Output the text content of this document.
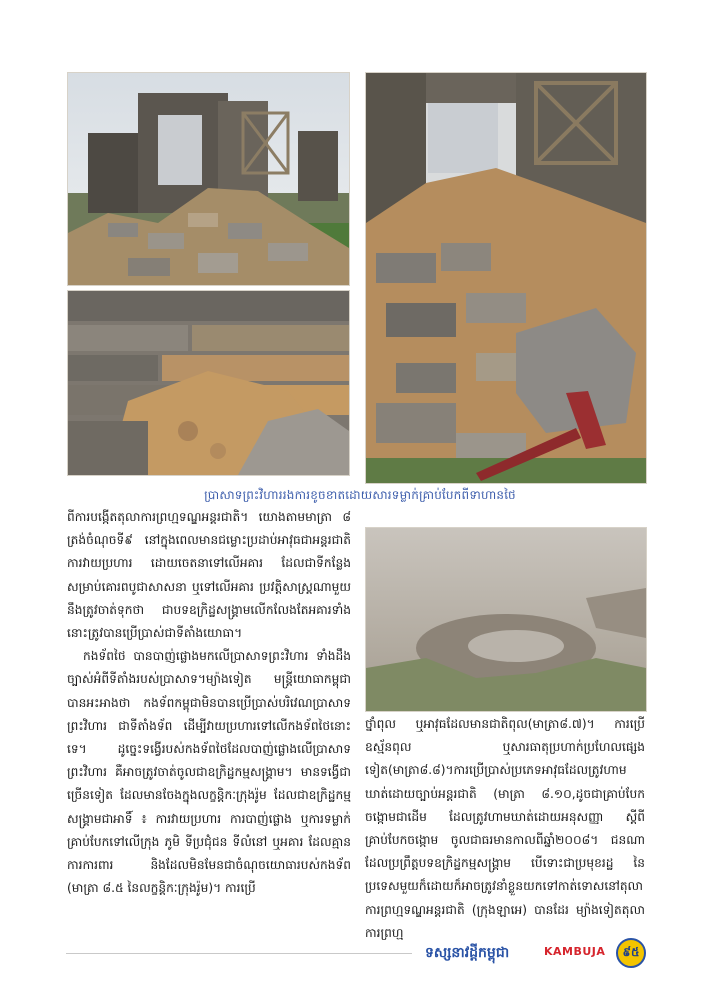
ប្រាសាទព្រះវិហាររងការខូចខាតដោយសារទម្លាក់គ្រាប់បែកពីទាហានថៃ

ពីការបង្កើតតុលាការព្រហ្មទណ្ឌអន្តរជាតិ។ យោងតាមមាត្រា ៨ ត្រង់ចំណុចទី៩ នៅក្នុងពេលមានជម្លោះប្រដាប់អាវុធជាអន្តរជាតិ ការវាយប្រហារ ដោយចេតនាទៅលើអគារ ដែលជាទីកន្លែងសម្រាប់គោរពបូជាសាសនា ឬទៅលើអគារ ប្រវត្តិសាស្ត្រណាមួយនឹងត្រូវចាត់ទុកថា ជាបទឧក្រិដ្ឋសង្គ្រាមលើកលែងតែអគារទាំងនោះត្រូវបានប្រើប្រាស់ជាទីតាំងយោធា។

កងទ័ពថៃ បានបាញ់ផ្លោងមកលើប្រាសាទព្រះវិហារ ទាំងដឹងច្បាស់អំពីទីតាំងរបស់ប្រាសាទ។ម្យ៉ាងទៀត មន្ត្រីយោធាកម្ពុជាបានអះអាងថា កងទ័ពកម្ពុជាមិនបានប្រើប្រាស់បរិវេណប្រាសាទព្រះវិហារ ជាទីតាំងទ័ព ដើម្បីវាយប្រហារទៅលើកងទ័ពថៃនោះទេ។ ដូច្នេះទង្វើរបស់កងទ័ពថៃដែលបាញ់ផ្លោងលើប្រាសាទព្រះវិហារ គឺអាចត្រូវចាត់ចូលជាឧក្រិដ្ឋកម្មសង្គ្រាម។ មានទង្វើជាច្រើនទៀត ដែលមានចែងក្នុងលក្ខន្តិកៈក្រុងរ៉ូម ដែលជាឧក្រិដ្ឋកម្មសង្គ្រាមជាអាទិ៍ ៖ ការវាយប្រហារ ការបាញ់ផ្លោង ឬការទម្លាក់គ្រាប់បែកទៅលើក្រុង ភូមិ ទីប្រជុំជន ទីលំនៅ ឬអគារ ដែលគ្មានការការពារ និងដែលមិនមែនជាចំណុចយោធារបស់កងទ័ព (មាត្រា ៨.៥ នៃលក្ខន្តិកៈក្រុងរ៉ូម)។ ការប្រើ

ថ្នាំពុល ឬអាវុធដែលមានជាតិពុល(មាត្រា៨.៧)។ ការប្រើឧស្ម័នពុល ឬសារធាតុប្រហាក់ប្រហែលផ្សេងទៀត(មាត្រា៨.៨)។ការប្រើប្រាស់ប្រភេទអាវុធដែលត្រូវហាមឃាត់ដោយច្បាប់អន្តរជាតិ (មាត្រា ៨.១០,ដូចជាគ្រាប់បែកចង្កោមជាដើម ដែលត្រូវហាមឃាត់ដោយអនុសញ្ញា ស្តីពីគ្រាប់បែកចង្កោម ចូលជាធរមានកាលពីឆ្នាំ២០០៨។ ជនណាដែលប្រព្រឹត្តបទឧក្រិដ្ឋកម្មសង្គ្រាម បើទោះជាប្រមុខរដ្ឋ នៃប្រទេសមួយក៏ដោយក៏អាចត្រូវនាំខ្លួនយកទៅកាត់ទោសនៅតុលាការព្រហ្មទណ្ឌអន្តរជាតិ (ក្រុងឡាអេ) បានដែរ ម្យ៉ាងទៀតតុលាការព្រហ្ម

ទស្សនាវដ្តីកម្ពុជា	KAMBUJA ៩៥
